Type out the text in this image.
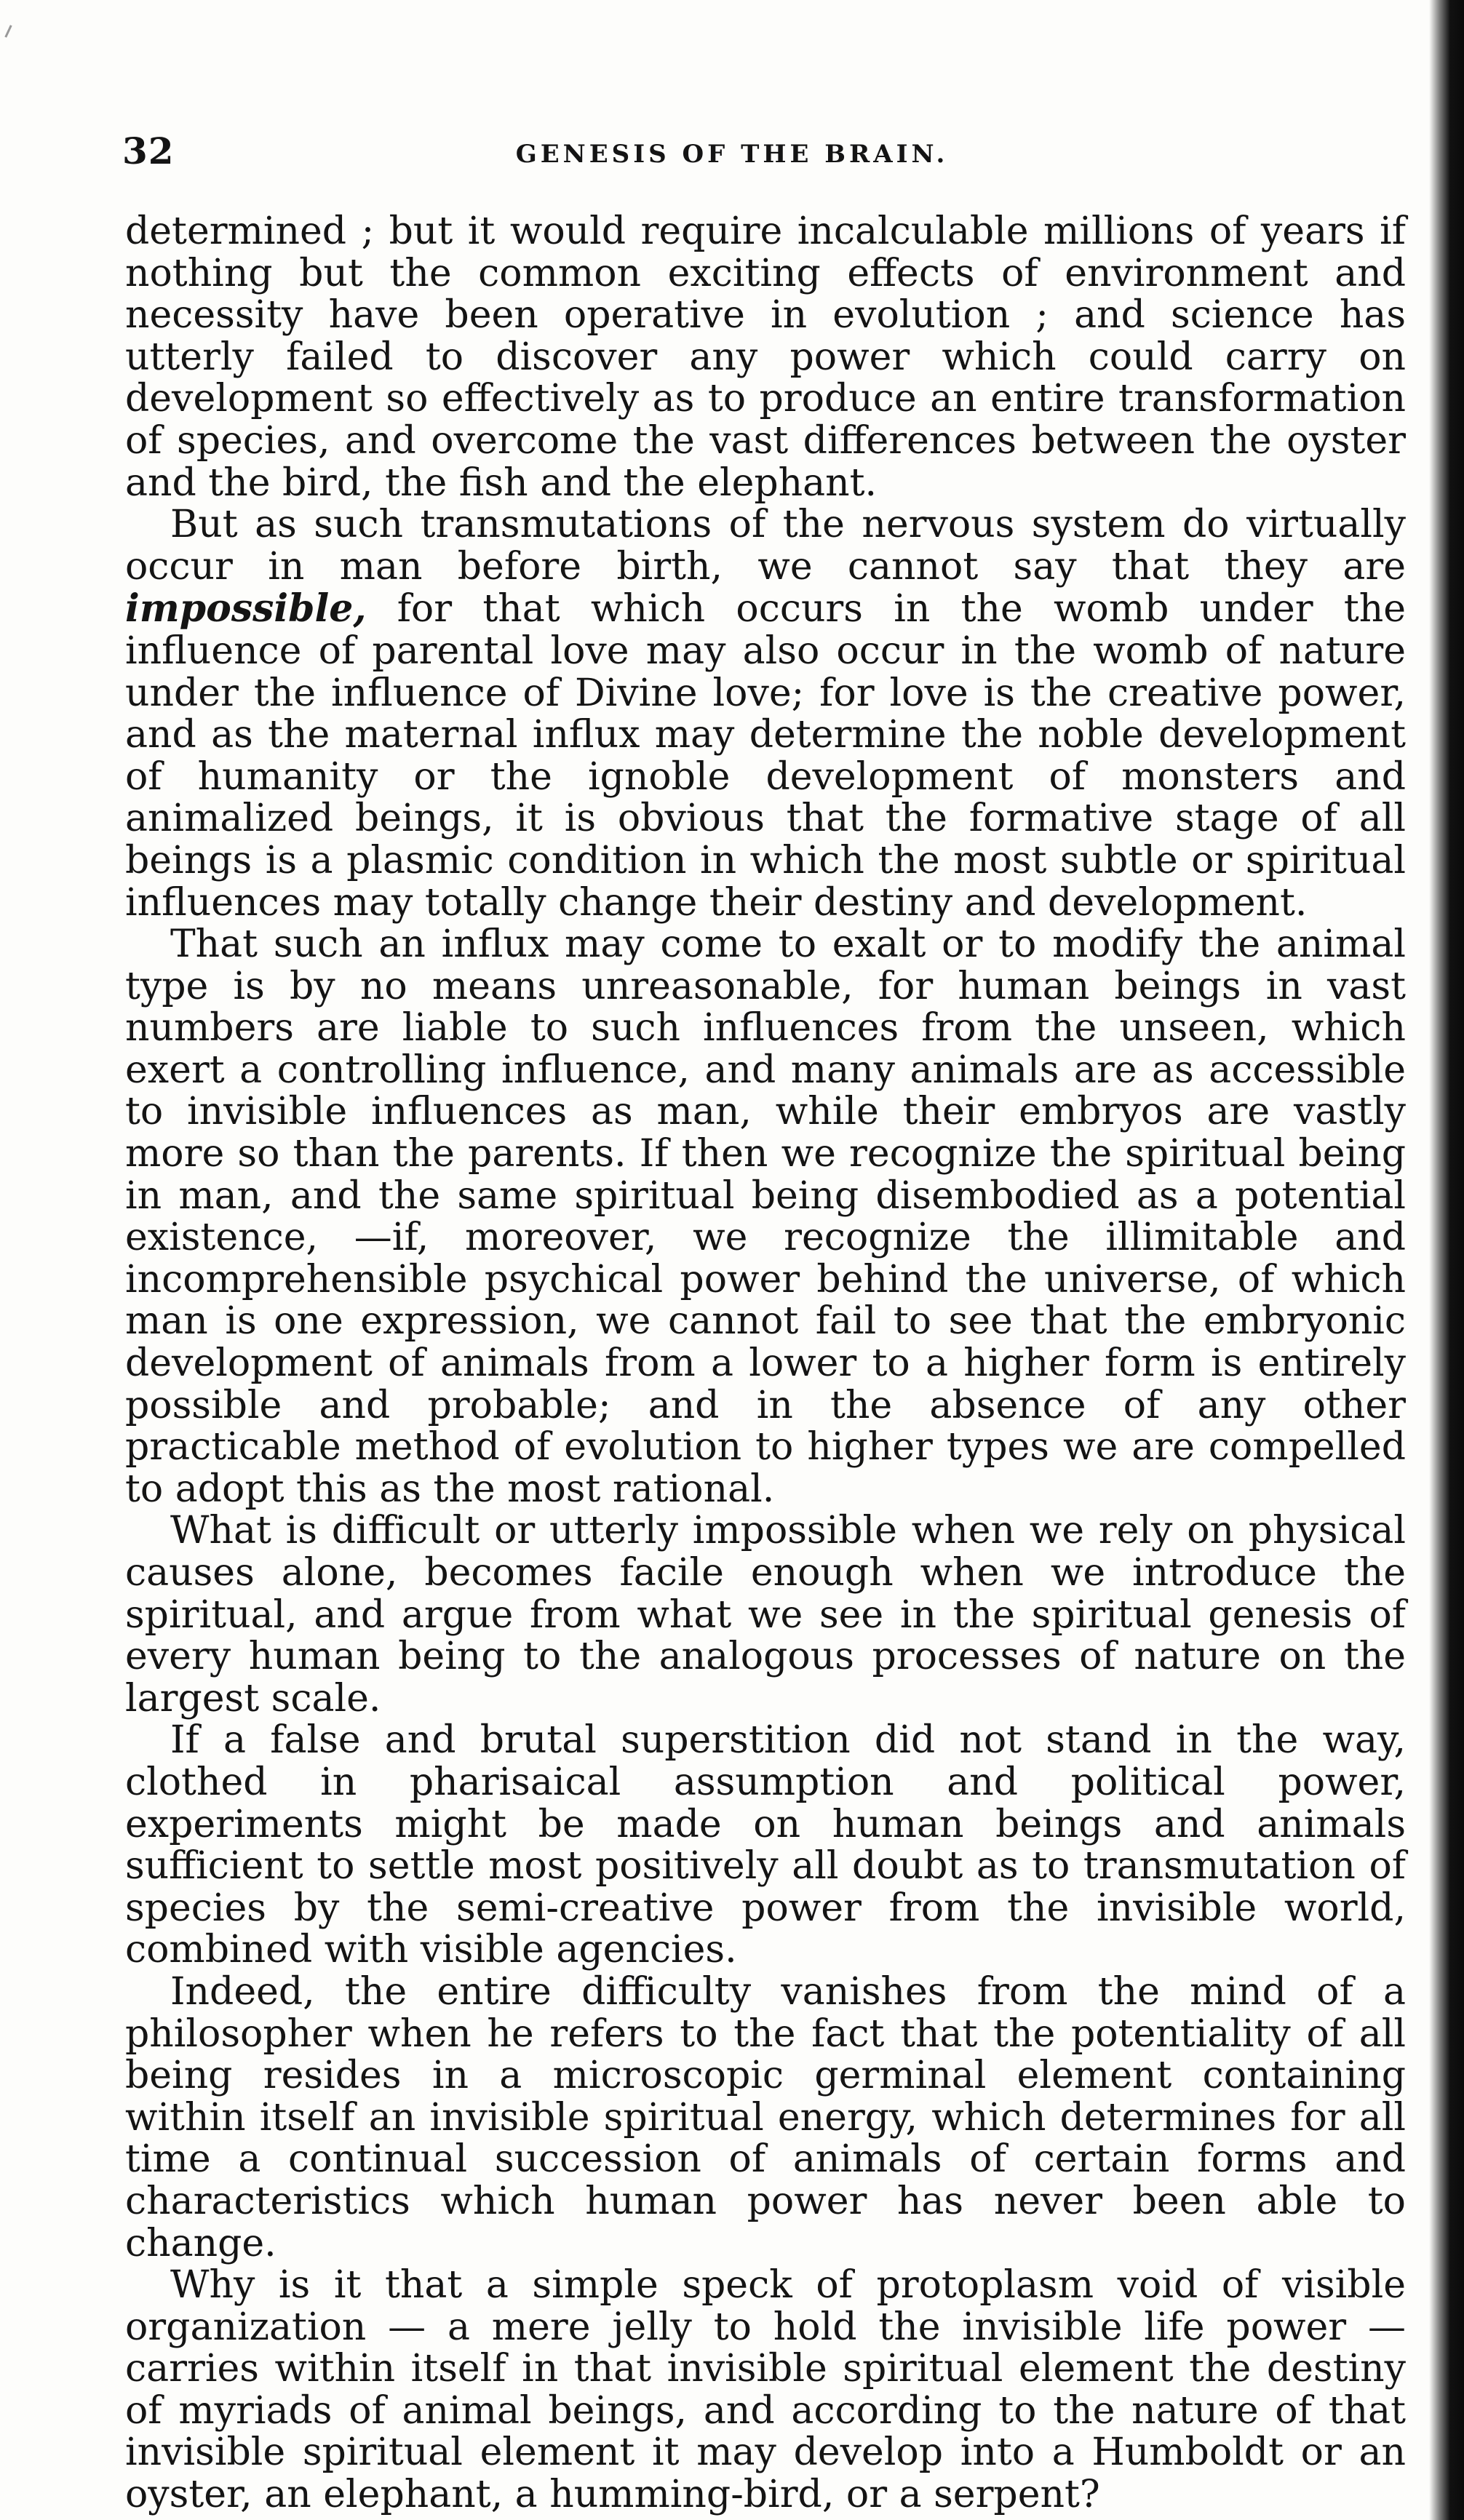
32	GENESIS OF THE BRAIN.

determined ; but it would require incalculable millions of years if nothing but the common exciting effects of environment and necessity have been operative in evolution ; and science has utterly failed to discover any power which could carry on development so effectively as to produce an entire transformation of species, and overcome the vast differences between the oyster and the bird, the fish and the elephant.

But as such transmutations of the nervous system do virtually occur in man before birth, we cannot say that they are impossible, for that which occurs in the womb under the influence of parental love may also occur in the womb of nature under the influence of Divine love; for love is the creative power, and as the maternal influx may determine the noble development of humanity or the ignoble development of monsters and animalized beings, it is obvious that the formative stage of all beings is a plasmic condition in which the most subtle or spiritual influences may totally change their destiny and development.

That such an influx may come to exalt or to modify the animal type is by no means unreasonable, for human beings in vast numbers are liable to such influences from the unseen, which exert a controlling influence, and many animals are as accessible to invisible influences as man, while their embryos are vastly more so than the parents. If then we recognize the spiritual being in man, and the same spiritual being disembodied as a potential existence, —if, moreover, we recognize the illimitable and incomprehensible psychical power behind the universe, of which man is one expression, we cannot fail to see that the embryonic development of animals from a lower to a higher form is entirely possible and probable; and in the absence of any other practicable method of evolution to higher types we are compelled to adopt this as the most rational.

What is difficult or utterly impossible when we rely on physical causes alone, becomes facile enough when we introduce the spiritual, and argue from what we see in the spiritual genesis of every human being to the analogous processes of nature on the largest scale.

If a false and brutal superstition did not stand in the way, clothed in pharisaical assumption and political power, experiments might be made on human beings and animals sufficient to settle most positively all doubt as to transmutation of species by the semi-creative power from the invisible world, combined with visible agencies.

Indeed, the entire difficulty vanishes from the mind of a philosopher when he refers to the fact that the potentiality of all being resides in a microscopic germinal element containing within itself an invisible spiritual energy, which determines for all time a continual succession of animals of certain forms and characteristics which human power has never been able to change.

Why is it that a simple speck of protoplasm void of visible organization — a mere jelly to hold the invisible life power — carries within itself in that invisible spiritual element the destiny of myriads of animal beings, and according to the nature of that invisible spiritual element it may develop into a Humboldt or an oyster, an elephant, a humming-bird, or a serpent?
